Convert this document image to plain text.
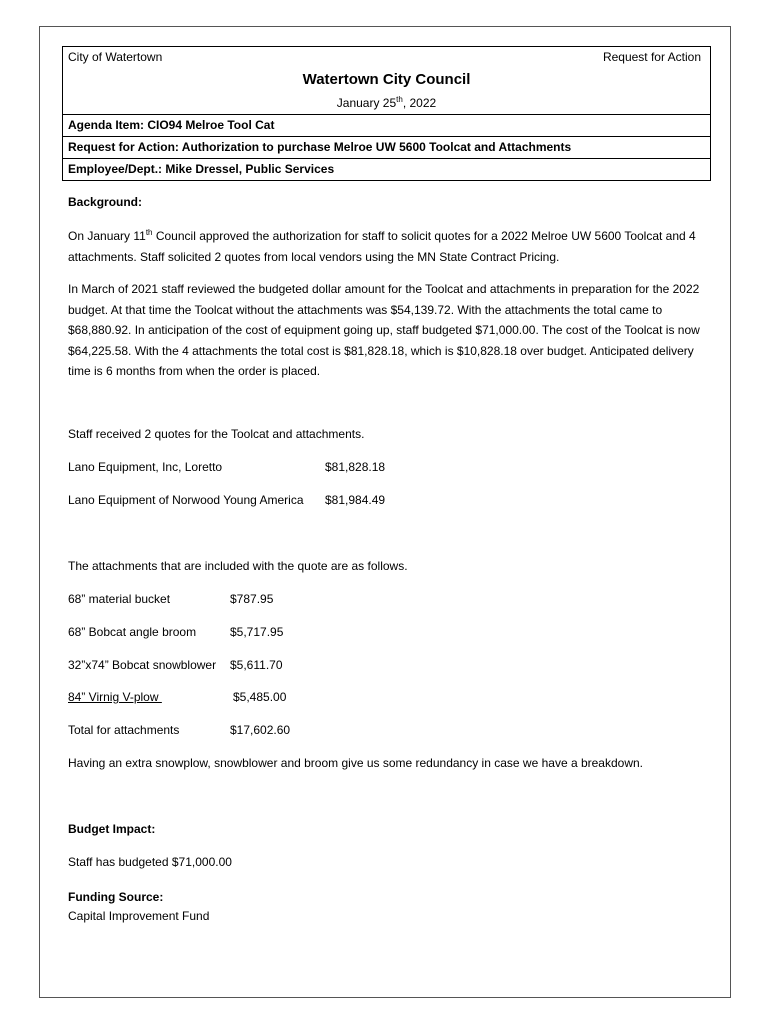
City of Watertown	Request for Action
Watertown City Council
January 25th, 2022
Agenda Item: CIO94 Melroe Tool Cat
Request for Action: Authorization to purchase Melroe UW 5600 Toolcat and Attachments
Employee/Dept.: Mike Dressel, Public Services
Background:
On January 11th Council approved the authorization for staff to solicit quotes for a 2022 Melroe UW 5600 Toolcat and 4 attachments. Staff solicited 2 quotes from local vendors using the MN State Contract Pricing.
In March of 2021 staff reviewed the budgeted dollar amount for the Toolcat and attachments in preparation for the 2022 budget. At that time the Toolcat without the attachments was $54,139.72. With the attachments the total came to $68,880.92. In anticipation of the cost of equipment going up, staff budgeted $71,000.00. The cost of the Toolcat is now $64,225.58. With the 4 attachments the total cost is $81,828.18, which is $10,828.18 over budget. Anticipated delivery time is 6 months from when the order is placed.
Staff received 2 quotes for the Toolcat and attachments.
Lano Equipment, Inc, Loretto	$81,828.18
Lano Equipment of Norwood Young America $81,984.49
The attachments that are included with the quote are as follows.
68” material bucket	$787.95
68” Bobcat angle broom	$5,717.95
32”x74” Bobcat snowblower $5,611.70
84” Virnig V-plow	$5,485.00
Total for attachments	$17,602.60
Having an extra snowplow, snowblower and broom give us some redundancy in case we have a breakdown.
Budget Impact:
Staff has budgeted $71,000.00
Funding Source:
Capital Improvement Fund
